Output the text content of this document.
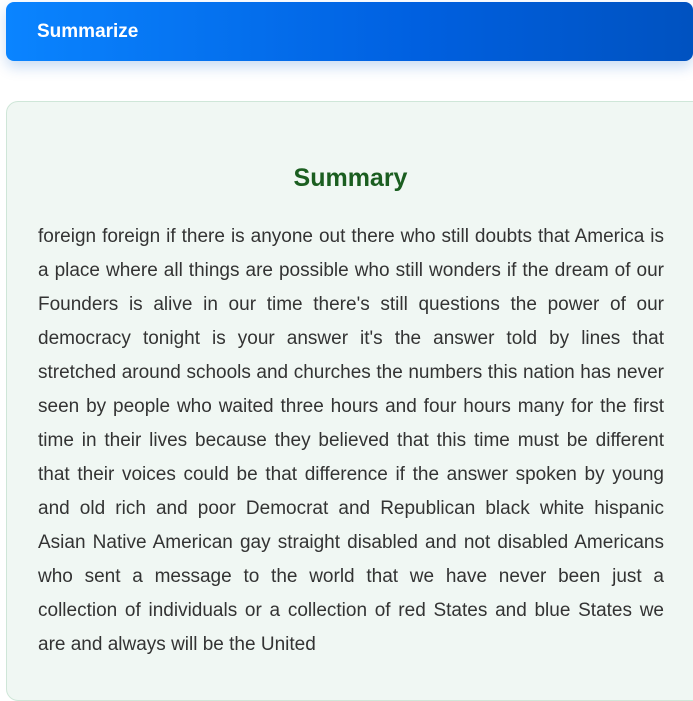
Summarize
Summary

foreign foreign if there is anyone out there who still doubts that America is a place where all things are possible who still wonders if the dream of our Founders is alive in our time there's still questions the power of our democracy tonight is your answer it's the answer told by lines that stretched around schools and churches the numbers this nation has never seen by people who waited three hours and four hours many for the first time in their lives because they believed that this time must be different that their voices could be that difference if the answer spoken by young and old rich and poor Democrat and Republican black white hispanic Asian Native American gay straight disabled and not disabled Americans who sent a message to the world that we have never been just a collection of individuals or a collection of red States and blue States we are and always will be the United
